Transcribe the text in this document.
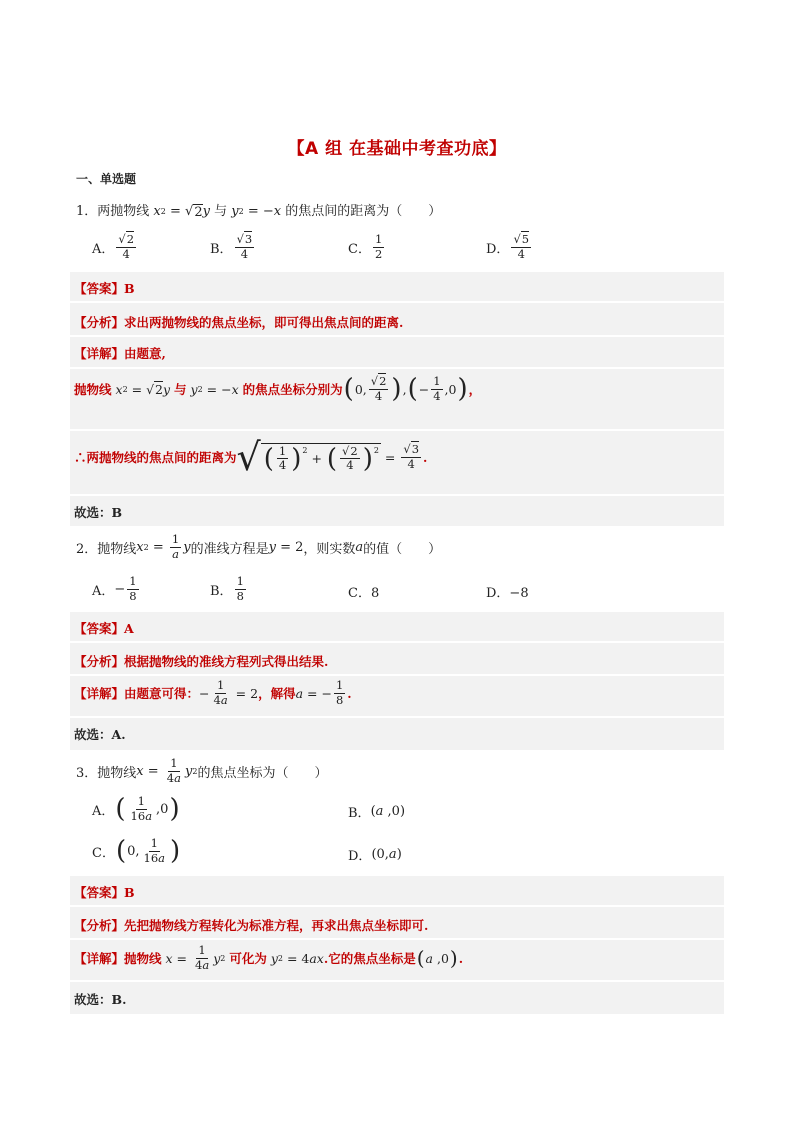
【A 组 在基础中考查功底】
一、单选题
1．两抛物线 x 2 = √ 2 y 与 y 2 = − x 的焦点间的距离为（　　）
A． $\frac{√2}{4}$	B． $\frac{√3}{4}$	C． $\frac{1}{2}$	D． $\frac{√5}{4}$
【答案】 B
【分析】 求出两抛物线的焦点坐标，即可得出焦点间的距离.
【详解】 由题意,
抛物线
x 2 = √ 2 y
与
y 2 = − x
的焦点坐标分别为 ( 0, $\frac{√2}{4}$ ) , ( − $\frac{1}{4} ,0$ ) ，
∴两抛物线的焦点间的距离为 √ ( $\frac{1}{4} )^2$
+ ( $\frac{√2}{4} )^2 = \frac{√3}{4}$ .
故选：B
2．抛物线 x $2 = \frac{1}{a}$ y 的准线方程是 y = 2 ，则实数 a 的值（　　）
A． − $\frac{1}{8}$	B． $\frac{1}{8}$	C．8	D．−8
【答案】 A
【分析】 根据抛物线的准线方程列式得出结果.
【详解】 由题意可得： − $\frac{1}{4a} = 2$ ，解得 a = − $\frac{1}{8}$ .
故选：A.
3．抛物线 $x = \frac{1}{4a}$ y 2 的焦点坐标为（　　）
A． ( $\frac{1}{16a} ,0$ )	B． ( a ,0)
C． ( 0, $\frac{1}{16a}$ )	D． (0, a )
【答案】 B
【分析】 先把抛物线方程转化为标准方程，再求出焦点坐标即可.
【详解】 抛物线
$x = \frac{1}{4a}$ y 2
可化为
y 2 = 4 ax .它的焦点坐标是 ( a ,0 ) .
故选：B.
